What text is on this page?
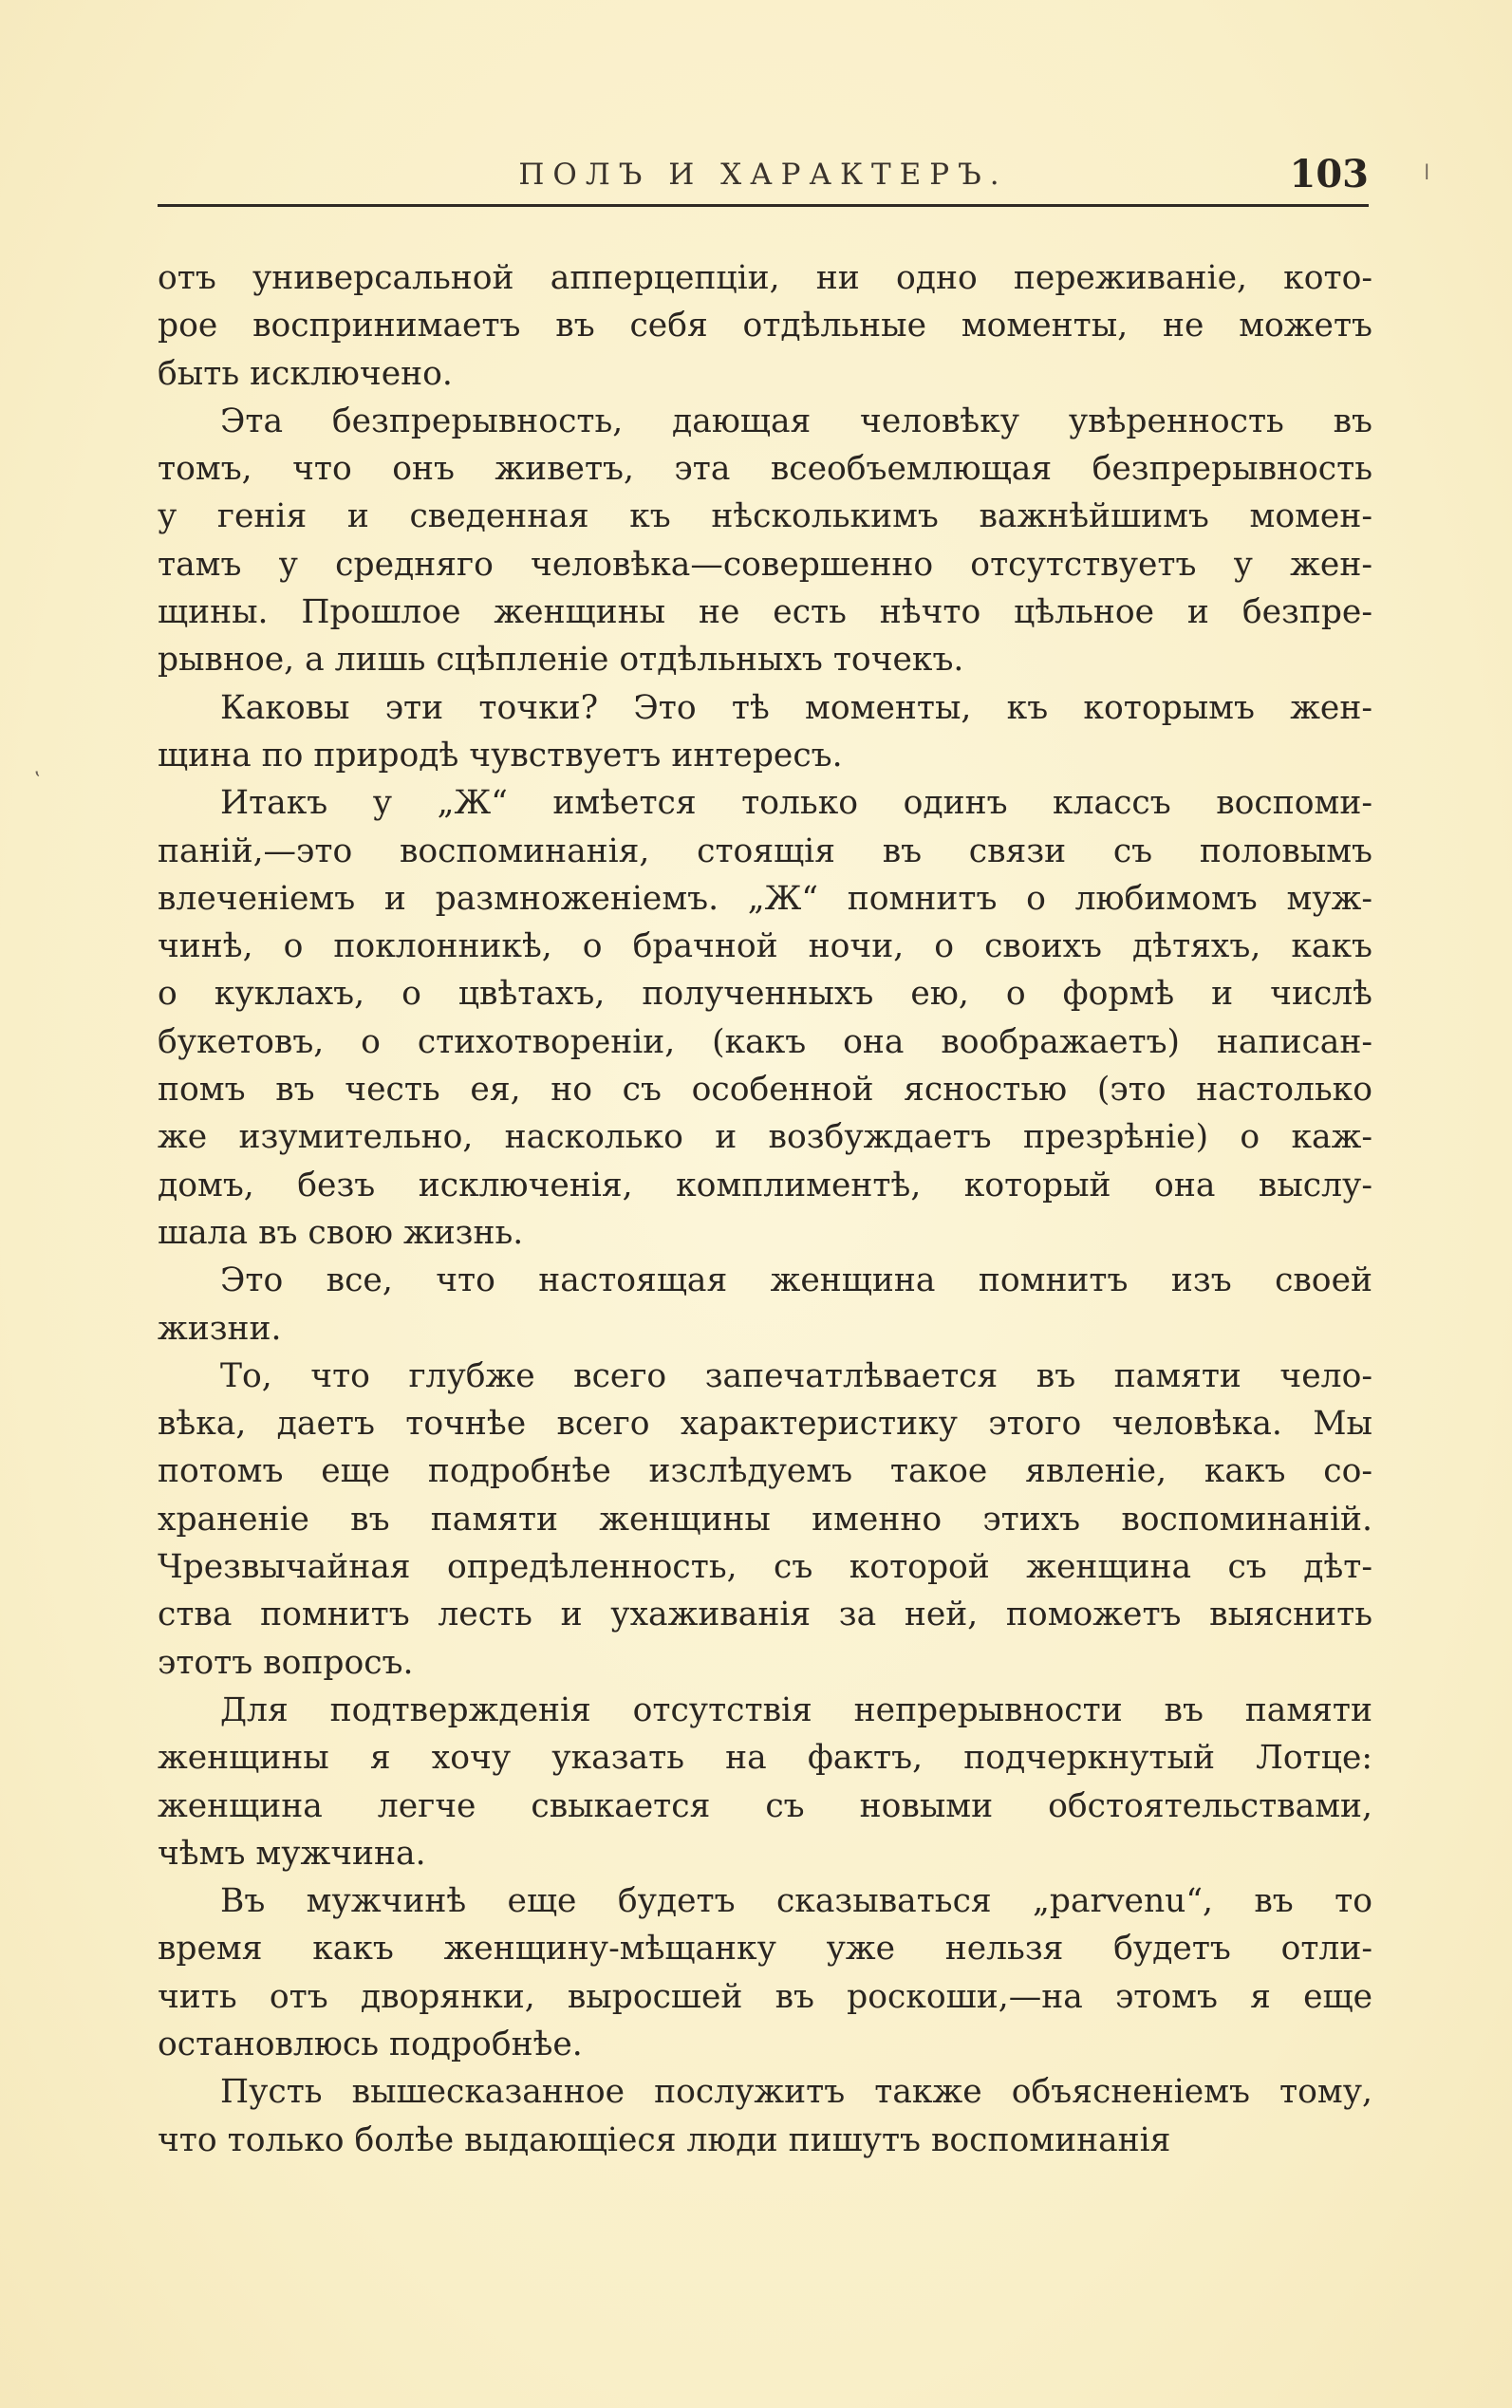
ПОЛЪ И ХАРАКТЕРЪ.	103
отъ универсальной апперцепціи, ни одно переживаніе, кото-
рое воспринимаетъ въ себя отдѣльные моменты, не можетъ
быть исключено.
Эта безпрерывность, дающая человѣку увѣренность въ
томъ, что онъ живетъ, эта всеобъемлющая безпрерывность
у генія и сведенная къ нѣсколькимъ важнѣйшимъ момен-
тамъ у средняго человѣка—совершенно отсутствуетъ у жен-
щины. Прошлое женщины не есть нѣчто цѣльное и безпре-
рывное, а лишь сцѣпленіе отдѣльныхъ точекъ.
Каковы эти точки? Это тѣ моменты, къ которымъ жен-
щина по природѣ чувствуетъ интересъ.
Итакъ у „Ж“ имѣется только одинъ классъ воспоми-
паній,—это воспоминанія, стоящія въ связи съ половымъ
влеченіемъ и размноженіемъ. „Ж“ помнитъ о любимомъ муж-
чинѣ, о поклонникѣ, о брачной ночи, о своихъ дѣтяхъ, какъ
о куклахъ, о цвѣтахъ, полученныхъ ею, о формѣ и числѣ
букетовъ, о стихотвореніи, (какъ она воображаетъ) написан-
помъ въ честь ея, но съ особенной ясностью (это настолько
же изумительно, насколько и возбуждаетъ презрѣніе) о каж-
домъ, безъ исключенія, комплиментѣ, который она выслу-
шала въ свою жизнь.
Это все, что настоящая женщина помнитъ изъ своей
жизни.
То, что глубже всего запечатлѣвается въ памяти чело-
вѣка, даетъ точнѣе всего характеристику этого человѣка. Мы
потомъ еще подробнѣе изслѣдуемъ такое явленіе, какъ со-
храненіе въ памяти женщины именно этихъ воспоминаній.
Чрезвычайная опредѣленность, съ которой женщина съ дѣт-
ства помнитъ лесть и ухаживанія за ней, поможетъ выяснить
этотъ вопросъ.
Для подтвержденія отсутствія непрерывности въ памяти
женщины я хочу указать на фактъ, подчеркнутый Лотце:
женщина легче свыкается съ новыми обстоятельствами,
чѣмъ мужчина.
Въ мужчинѣ еще будетъ сказываться „parvenu“, въ то
время какъ женщину-мѣщанку уже нельзя будетъ отли-
чить отъ дворянки, выросшей въ роскоши,—на этомъ я еще
остановлюсь подробнѣе.
Пусть вышесказанное послужитъ также объясненіемъ тому,
что только болѣе выдающіеся люди пишутъ воспоминанія
ǀ
‛
